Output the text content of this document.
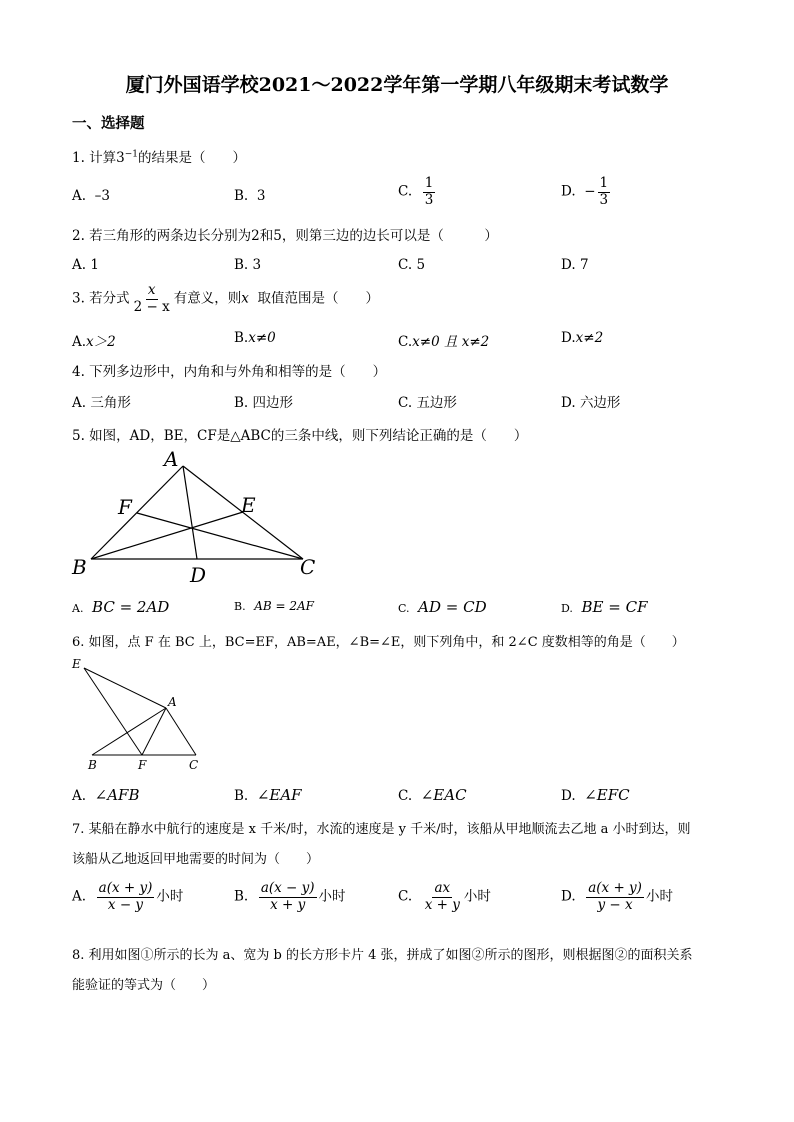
厦门外国语学校2021～2022学年第一学期八年级期末考试数学
一、选择题
1. 计算$3^{-1}$的结果是（　　）
A. –3	B. 3	C. $\frac{1}{3}$	D. − $\frac{1}{3}$
2. 若三角形的两条边长分别为2和5，则第三边的边长可以是（　　　）
A. 1	B. 3	C. 5	D. 7
3. 若分式 $\frac{x}{2 - x}$ 有意义，则x 取值范围是（　　）
A.x＞2	B.x≠0	C.x≠0 且 x≠2	D.x≠2
4. 下列多边形中，内角和与外角和相等的是（　　）
A. 三角形	B. 四边形	C. 五边形	D. 六边形
5. 如图，AD，BE，CF是△ABC的三条中线，则下列结论正确的是（　　）
A
B	C
D
E
F
A. BC = 2AD	B. AB = 2AF	C. AD = CD	D. BE = CF
6. 如图，点 F 在 BC 上，BC=EF，AB=AE，∠B=∠E，则下列角中，和 2∠C 度数相等的角是（　　）
E
A
B	F	C
A. ∠AFB	B. ∠EAF	C. ∠EAC	D. ∠EFC
7. 某船在静水中航行的速度是 x 千米/时，水流的速度是 y 千米/时，该船从甲地顺流去乙地 a 小时到达，则
该船从乙地返回甲地需要的时间为（　　）
A. $\frac{a(x + y)}{x - y}$ 小时	B. $\frac{a(x - y)}{x + y}$ 小时	C. $\frac{ax}{x + y}$ 小时	D. $\frac{a(x + y)}{y - x}$ 小时
8. 利用如图①所示的长为 a、宽为 b 的长方形卡片 4 张，拼成了如图②所示的图形，则根据图②的面积关系
能验证的等式为（　　）
